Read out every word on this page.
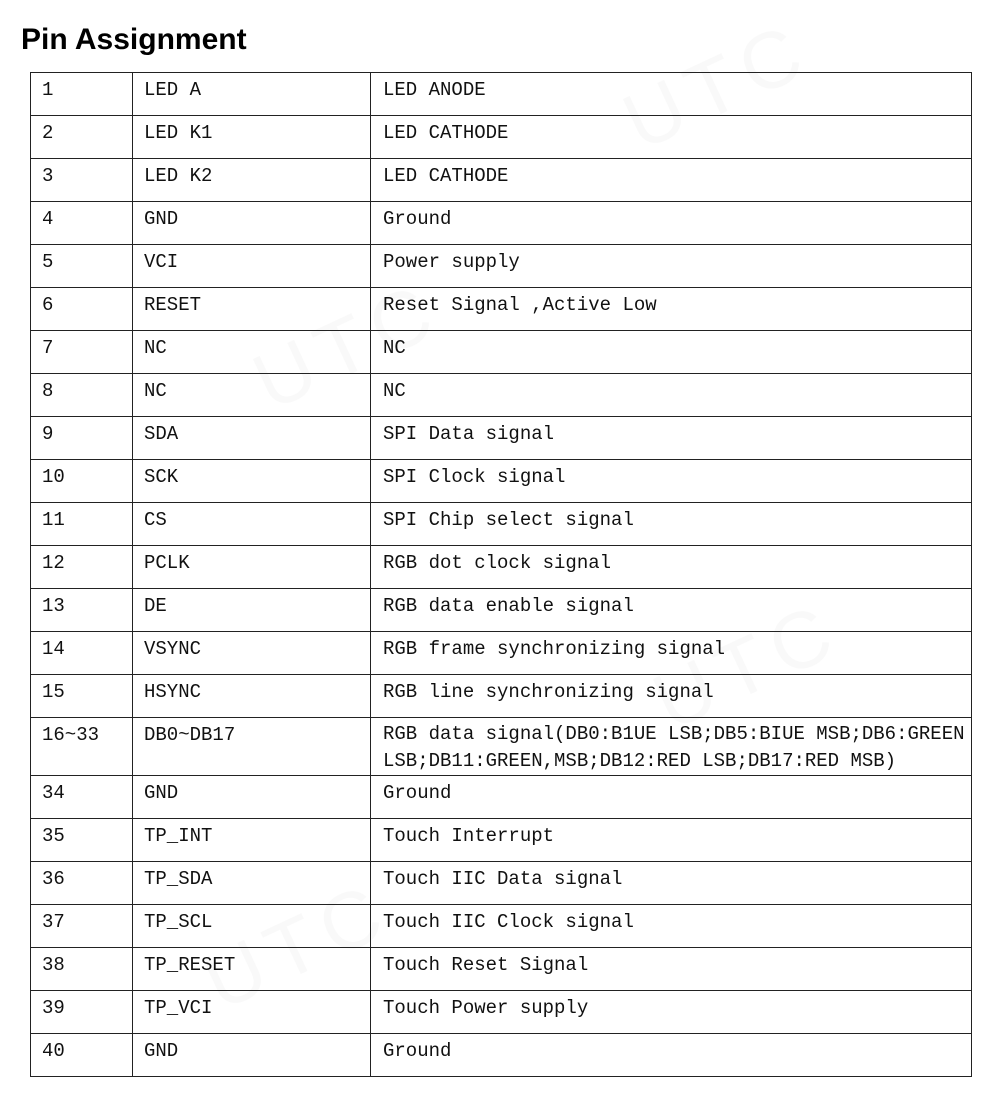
Pin Assignment
1	LED A	LED ANODE
2	LED K1	LED CATHODE
3	LED K2	LED CATHODE
4	GND	Ground
5	VCI	Power supply
6	RESET	Reset Signal ,Active Low
7	NC	NC
8	NC	NC
9	SDA	SPI Data signal
10	SCK	SPI Clock signal
11	CS	SPI Chip select signal
12	PCLK	RGB dot clock signal
13	DE	RGB data enable signal
14	VSYNC	RGB frame synchronizing signal
15	HSYNC	RGB line synchronizing signal
16~33	DB0~DB17	RGB data signal(DB0:B1UE LSB;DB5:BIUE MSB;DB6:GREEN LSB;DB11:GREEN,MSB;DB12:RED LSB;DB17:RED MSB)
34	GND	Ground
35	TP_INT	Touch Interrupt
36	TP_SDA	Touch IIC Data signal
37	TP_SCL	Touch IIC Clock signal
38	TP_RESET	Touch Reset Signal
39	TP_VCI	Touch Power supply
40	GND	Ground
